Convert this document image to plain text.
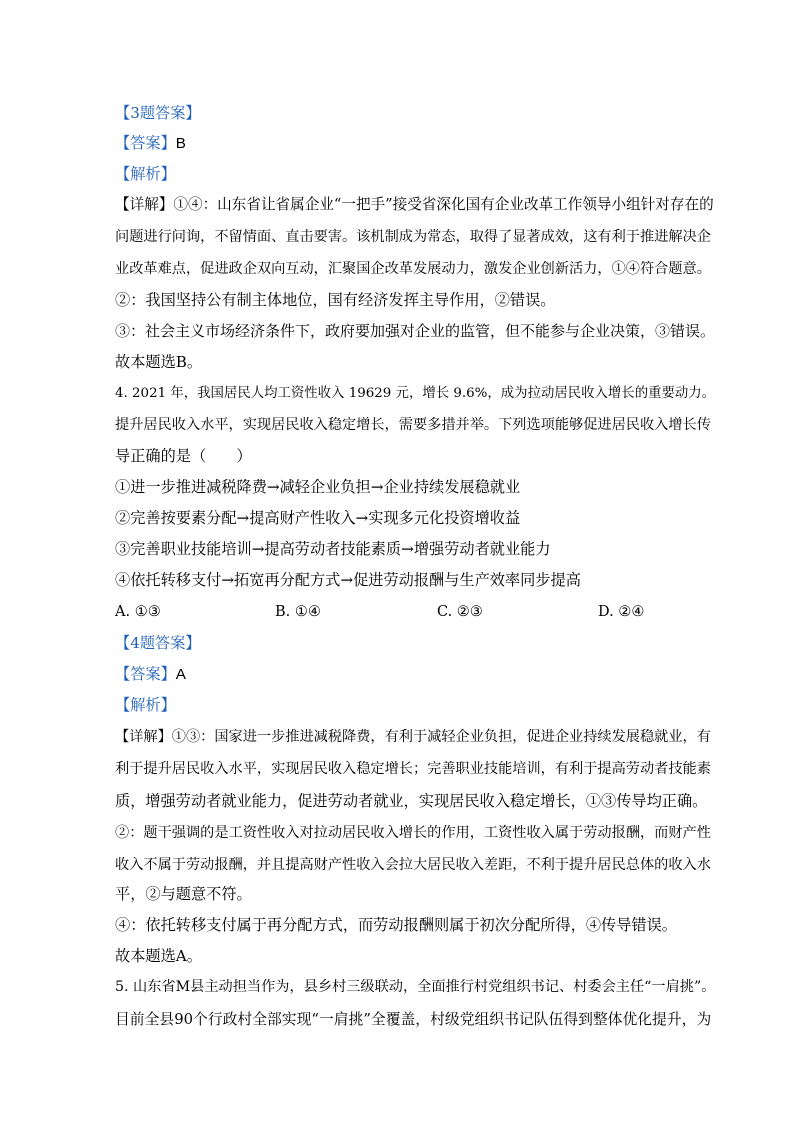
【3题答案】
【答案】B
【解析】
【详解】①④：山东省让省属企业“一把手”接受省深化国有企业改革工作领导小组针对存在的
问题进行问询，不留情面、直击要害。该机制成为常态，取得了显著成效，这有利于推进解决企
业改革难点，促进政企双向互动，汇聚国企改革发展动力，激发企业创新活力，①④符合题意。
②：我国坚持公有制主体地位，国有经济发挥主导作用，②错误。
③：社会主义市场经济条件下，政府要加强对企业的监管，但不能参与企业决策，③错误。
故本题选B。
4. 2021 年，我国居民人均工资性收入 19629 元，增长 9.6%，成为拉动居民收入增长的重要动力。
提升居民收入水平，实现居民收入稳定增长，需要多措并举。下列选项能够促进居民收入增长传
导正确的是（　　）
①进一步推进减税降费→减轻企业负担→企业持续发展稳就业
②完善按要素分配→提高财产性收入→实现多元化投资增收益
③完善职业技能培训→提高劳动者技能素质→增强劳动者就业能力
④依托转移支付→拓宽再分配方式→促进劳动报酬与生产效率同步提高
A. ①③	B. ①④	C. ②③	D. ②④
【4题答案】
【答案】A
【解析】
【详解】①③：国家进一步推进减税降费，有利于减轻企业负担，促进企业持续发展稳就业，有
利于提升居民收入水平，实现居民收入稳定增长；完善职业技能培训，有利于提高劳动者技能素
质，增强劳动者就业能力，促进劳动者就业，实现居民收入稳定增长，①③传导均正确。
②：题干强调的是工资性收入对拉动居民收入增长的作用，工资性收入属于劳动报酬，而财产性
收入不属于劳动报酬，并且提高财产性收入会拉大居民收入差距，不利于提升居民总体的收入水
平，②与题意不符。
④：依托转移支付属于再分配方式，而劳动报酬则属于初次分配所得，④传导错误。
故本题选A。
5. 山东省M县主动担当作为，县乡村三级联动，全面推行村党组织书记、村委会主任“一肩挑”。
目前全县90个行政村全部实现“一肩挑”全覆盖，村级党组织书记队伍得到整体优化提升，为
